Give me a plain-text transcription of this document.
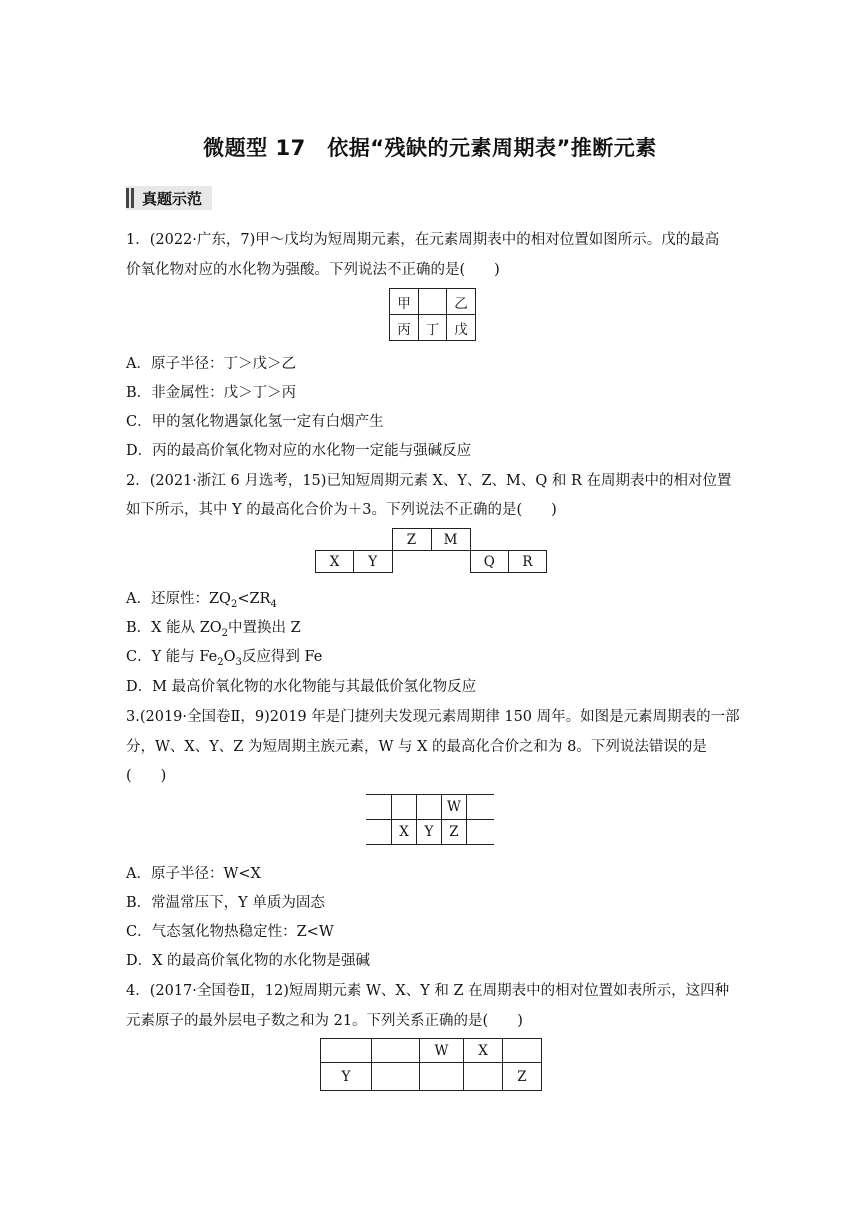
微题型 17　依据“残缺的元素周期表”推断元素
真题示范
1．(2022·广东，7)甲～戊均为短周期元素，在元素周期表中的相对位置如图所示。戊的最高
价氧化物对应的水化物为强酸。下列说法不正确的是(　　)
甲		乙
丙	丁	戊
A．原子半径：丁＞戊＞乙
B．非金属性：戊＞丁＞丙
C．甲的氢化物遇氯化氢一定有白烟产生
D．丙的最高价氧化物对应的水化物一定能与强碱反应
2．(2021·浙江 6 月选考，15)已知短周期元素 X、Y、Z、M、Q 和 R 在周期表中的相对位置
如下所示，其中 Y 的最高化合价为＋3。下列说法不正确的是(　　)
		Z	M		
X	Y			Q	R
A．还原性：$ZQ_2<ZR_4$
B．X 能从 $ZO_2$中置换出 Z
C．Y 能与 $Fe_2O_3$反应得到 Fe
D．M 最高价氧化物的水化物能与其最低价氢化物反应
3.(2019·全国卷Ⅱ，9)2019 年是门捷列夫发现元素周期律 150 周年。如图是元素周期表的一部
分，W、X、Y、Z 为短周期主族元素，W 与 X 的最高化合价之和为 8。下列说法错误的是
(　　)
			W	
	X	Y	Z	
A．原子半径：W<X
B．常温常压下，Y 单质为固态
C．气态氢化物热稳定性：Z<W
D．X 的最高价氧化物的水化物是强碱
4．(2017·全国卷Ⅱ，12)短周期元素 W、X、Y 和 Z 在周期表中的相对位置如表所示，这四种
元素原子的最外层电子数之和为 21。下列关系正确的是(　　)
		W	X	
Y				Z
